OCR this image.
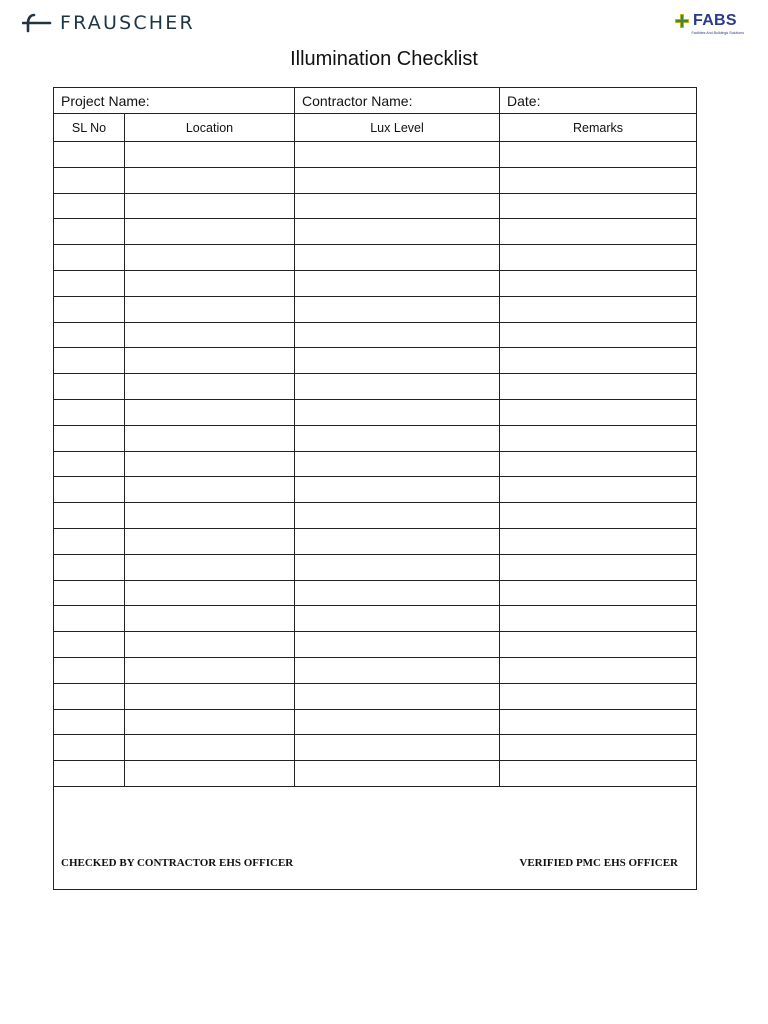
FRAUSCHER	FABS
Facilities And Buildings Solutions
Illumination Checklist
Project Name:	Contractor Name:	Date:
SL No	Location	Lux Level	Remarks
CHECKED BY CONTRACTOR EHS OFFICER	VERIFIED PMC EHS OFFICER
